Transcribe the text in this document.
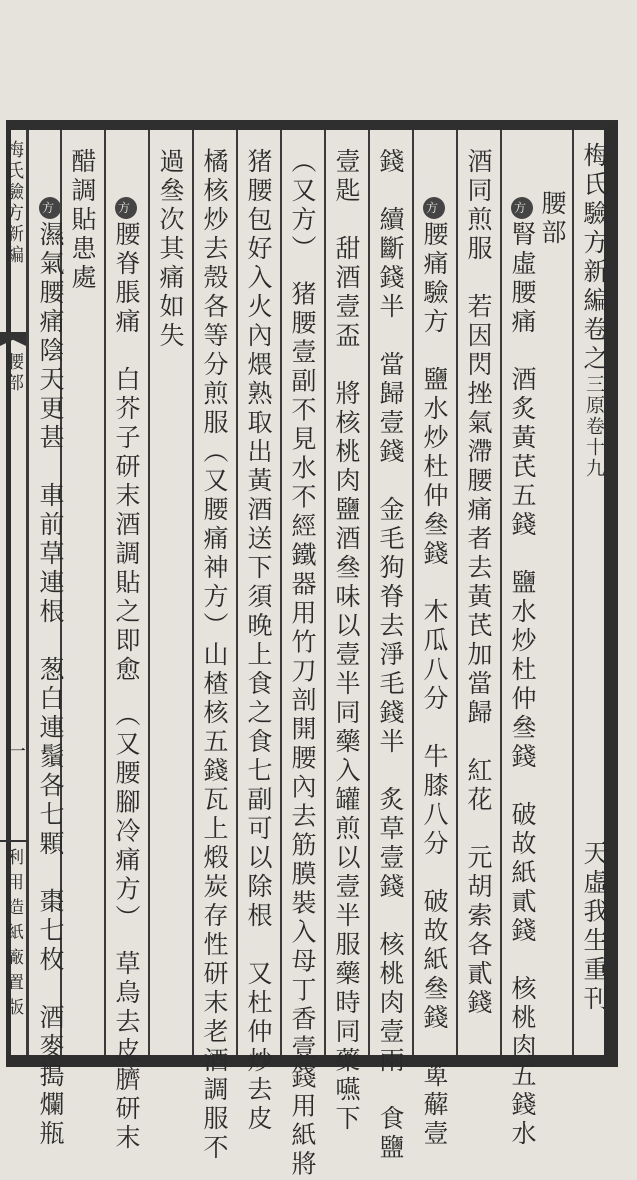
梅氏驗方新編卷之三原卷十九
天虛我生重刊
腰部
方腎虛腰痛　酒炙黃芪五錢　鹽水炒杜仲叄錢　破故紙貳錢　核桃肉五錢水
酒同煎服　若因閃挫氣滯腰痛者去黃芪加當歸　紅花　元胡索各貳錢
方腰痛驗方　鹽水炒杜仲叄錢　木瓜八分　牛膝八分　破故紙叄錢　萆薢壹
錢　續斷錢半　當歸壹錢　金毛狗脊去淨毛錢半　炙草壹錢　核桃肉壹兩　食鹽
壹匙　甜酒壹盃　將核桃肉鹽酒叄味以壹半同藥入罐煎以壹半服藥時同藥嚥下
（又方）　猪腰壹副不見水不經鐵器用竹刀剖開腰內去筋膜裝入母丁香壹錢用紙將
猪腰包好入火內煨熟取出黃酒送下須晚上食之食七副可以除根　又杜仲炒去皮
橘核炒去殼各等分煎服（又腰痛神方）山楂核五錢瓦上煅炭存性研末老酒調服不
過叄次其痛如失
方腰脊脹痛　白芥子研末酒調貼之即愈　（又腰腳冷痛方）　草烏去皮臍研末
醋調貼患處
方濕氣腰痛陰天更甚　車前草連根　葱白連鬚各七顆　棗七枚　酒麥搗爛瓶
梅氏驗方新編
腰部
一
利用造紙廠置版
